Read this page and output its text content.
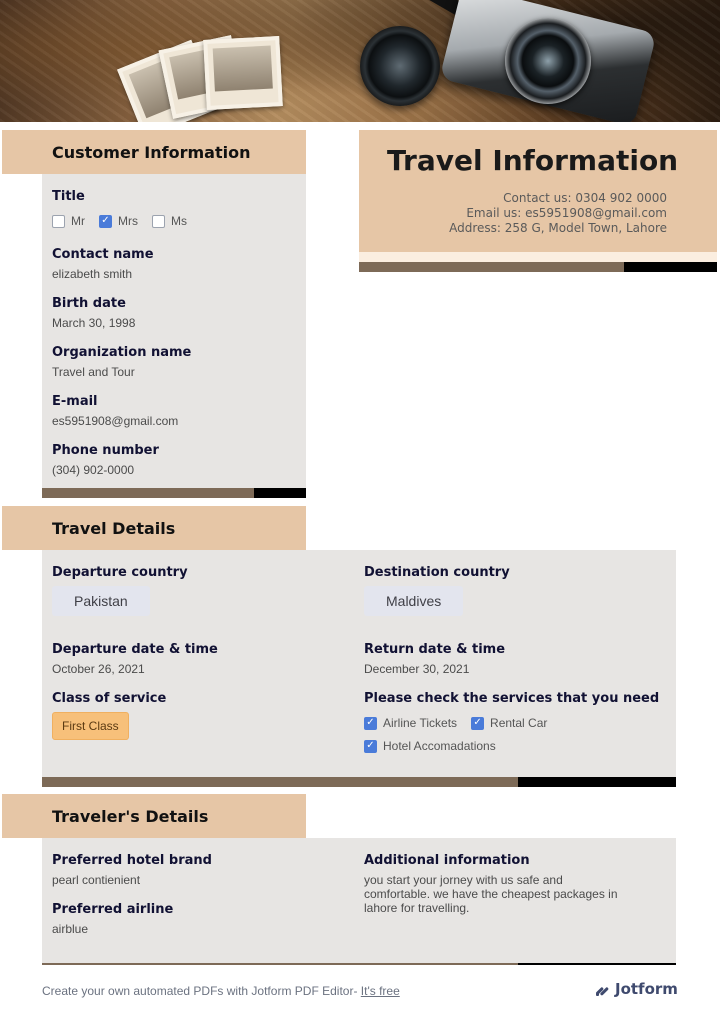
Customer Information
Title
Mr ✓ Mrs	Ms
Contact name
elizabeth smith
Birth date
March 30, 1998
Organization name
Travel and Tour
E-mail
es5951908@gmail.com
Phone number
(304) 902-0000
Travel Information
Contact us: 0304 902 0000
Email us: es5951908@gmail.com
Address: 258 G, Model Town, Lahore
Travel Details
Departure country
Pakistan
Destination country
Maldives
Departure date & time
October 26, 2021
Return date & time
December 30, 2021
Class of service
First Class
Please check the services that you need
✓ Airline Tickets ✓ Rental Car
✓ Hotel Accomadations
Traveler's Details
Preferred hotel brand
pearl contienient
Preferred airline
airblue
Additional information
you start your jorney with us safe and comfortable. we have the cheapest packages in lahore for travelling.
Create your own automated PDFs with Jotform PDF Editor- It's free	Jotform
